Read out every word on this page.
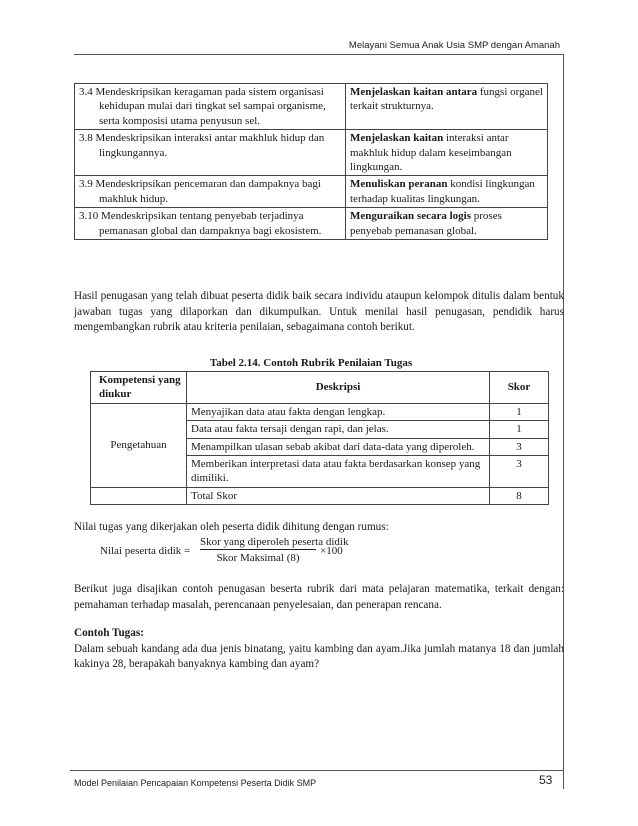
Melayani Semua Anak Usia SMP dengan Amanah
3.4 Mendeskripsikan keragaman pada sistem organisasi kehidupan mulai dari tingkat sel sampai organisme, serta komposisi utama penyusun sel.	Menjelaskan kaitan antara fungsi organel terkait strukturnya.

3.8 Mendeskripsikan interaksi antar makhluk hidup dan lingkungannya.	Menjelaskan kaitan interaksi antar makhluk hidup dalam keseimbangan lingkungan.

3.9 Mendeskripsikan pencemaran dan dampaknya bagi makhluk hidup.	Menuliskan peranan kondisi lingkungan terhadap kualitas lingkungan.

3.10 Mendeskripsikan tentang penyebab terjadinya pemanasan global dan dampaknya bagi ekosistem.	Menguraikan secara logis proses penyebab pemanasan global.

Hasil penugasan yang telah dibuat peserta didik baik secara individu ataupun kelompok ditulis dalam bentuk jawaban tugas yang dilaporkan dan dikumpulkan. Untuk menilai hasil penugasan, pendidik harus mengembangkan rubrik atau kriteria penilaian, sebagaimana contoh berikut.

Tabel 2.14. Contoh Rubrik Penilaian Tugas
Kompetensi yang diukur	Deskripsi	Skor
Pengetahuan	Menyajikan data atau fakta dengan lengkap.	1
	Data atau fakta tersaji dengan rapi, dan jelas.	1
	Menampilkan ulasan sebab akibat dari data-data yang diperoleh.	3
	Memberikan interpretasi data atau fakta berdasarkan konsep yang dimiliki.	3
	Total Skor	8

Nilai tugas yang dikerjakan oleh peserta didik dihitung dengan rumus:

Nilai peserta didik =
Skor yang diperoleh peserta didik
Skor Maksimal (8)
×100

Berikut juga disajikan contoh penugasan beserta rubrik dari mata pelajaran matematika, terkait dengan: pemahaman terhadap masalah, perencanaan penyelesaian, dan penerapan rencana.

Contoh Tugas:
Dalam sebuah kandang ada dua jenis binatang, yaitu kambing dan ayam.Jika jumlah matanya 18 dan jumlah kakinya 28, berapakah banyaknya kambing dan ayam?
Model Penilaian Pencapaian Kompetensi Peserta Didik SMP	53
